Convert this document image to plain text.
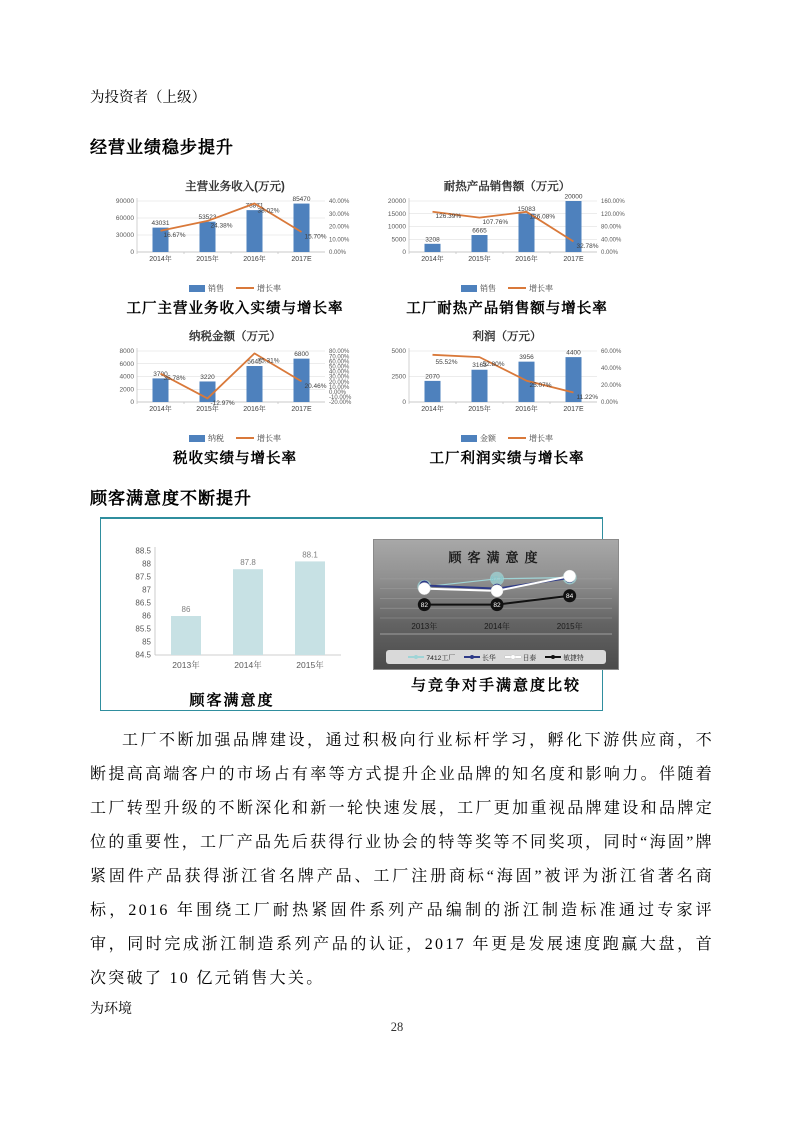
为投资者（上级）
经营业绩稳步提升
主营业务收入(万元)
0
30000
60000
90000
0.00%
10.00%
20.00%
30.00%
40.00%
43031
2014年
53523
2015年
73871
2016年
85470
2017E
16.67%
24.38%
38.02%
15.70%
销售	增长率
工厂主营业务收入实绩与增长率
耐热产品销售额（万元）
0
5000
10000
15000
20000
0.00%
40.00%
80.00%
120.00%
160.00%
3208
2014年
6665
2015年
15083
2016年
20000
2017E
126.39%
107.76%
126.08%
32.78%
销售	增长率
工厂耐热产品销售额与增长率
纳税金额（万元）
0
2000
4000
6000
8000
-20.00%
-10.00%
0.00%
10.00%
20.00%
30.00%
40.00%
50.00%
60.00%
70.00%
80.00%
3700
2014年
3220
2015年
5645
2016年
6800
2017E
35.78%
-12.97%
75.31%
20.46%
纳税	增长率
税收实绩与增长率
利润（万元）
0
2500
5000
0.00%
20.00%
40.00%
60.00%
2070
2014年
3163
2015年
3956
2016年
4400
2017E
55.52%	52.80%
25.07%
11.22%
金额	增长率
工厂利润实绩与增长率
顾客满意度不断提升
84.5
85
85.5
86
86.5
87
87.5
88
88.5
86
2013年
87.8
2014年
88.1
2015年
顾客满意度
顾客满意度
2013年	2014年	2015年
87.8
82	82
84
7412工厂	长华	日泰	敏捷特
与竞争对手满意度比较

工厂不断加强品牌建设，通过积极向行业标杆学习，孵化下游供应商，不断提高高端客户的市场占有率等方式提升企业品牌的知名度和影响力。伴随着工厂转型升级的不断深化和新一轮快速发展，工厂更加重视品牌建设和品牌定位的重要性，工厂产品先后获得行业协会的特等奖等不同奖项，同时“海固”牌紧固件产品获得浙江省名牌产品、工厂注册商标“海固”被评为浙江省著名商标，2016 年围绕工厂耐热紧固件系列产品编制的浙江制造标准通过专家评审，同时完成浙江制造系列产品的认证，2017 年更是发展速度跑赢大盘，首次突破了 10 亿元销售大关。

为环境
28
